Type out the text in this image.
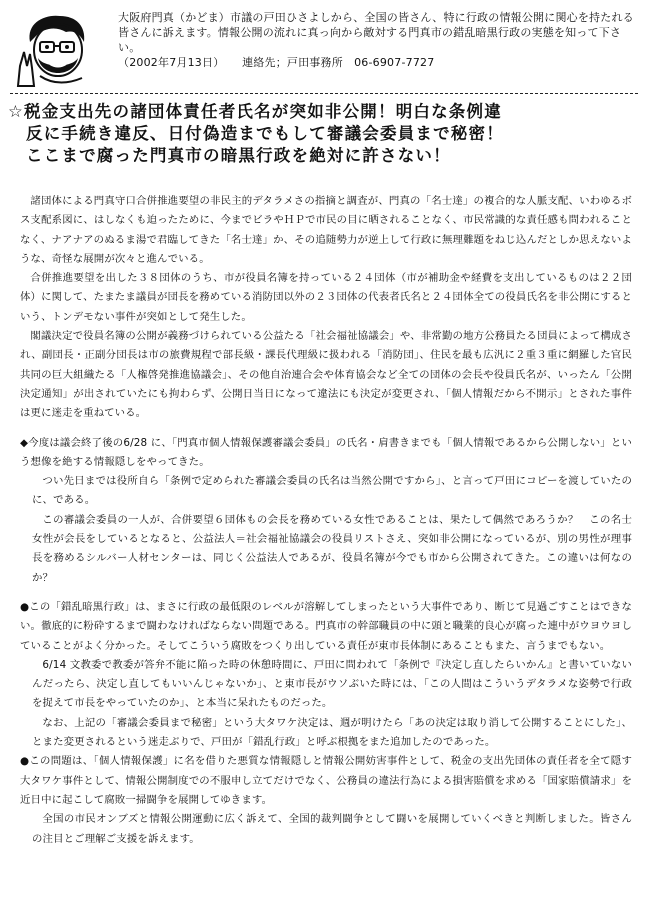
大阪府門真（かどま）市議の戸田ひさよしから、全国の皆さん、特に行政の情報公開に関心を持たれる皆さんに訴えます。情報公開の流れに真っ向から敵対する門真市の錯乱暗黒行政の実態を知って下さい。

（2002年7月13日） 連絡先；戸田事務所　06-6907-7727

☆税金支出先の諸団体責任者氏名が突如非公開！明白な条例違
反に手続き違反、日付偽造までもして審議会委員まで秘密！
ここまで腐った門真市の暗黒行政を絶対に許さない！

諸団体による門真守口合併推進要望の非民主的デタラメさの指摘と調査が、門真の「名士達」の複合的な人脈支配、いわゆるボス支配系図に、はしなくも迫ったために、今までビラやＨＰで市民の目に晒されることなく、市民常識的な責任感も問われることなく、ナアナアのぬるま湯で君臨してきた「名士達」か、その追随勢力が逆上して行政に無理難題をねじ込んだとしか思えないような、奇怪な展開が次々と進んでいる。

合併推進要望を出した３８団体のうち、市が役員名簿を持っている２４団体（市が補助金や経費を支出しているものは２２団体）に関して、たまたま議員が団長を務めている消防団以外の２３団体の代表者氏名と２４団体全ての役員氏名を非公開にするという、トンデモない事件が突如として発生した。

閣議決定で役員名簿の公開が義務づけられている公益たる「社会福祉協議会」や、非常勤の地方公務員たる団員によって構成され、副団長・正副分団長は市の旅費規程で部長級・課長代理級に扱われる「消防団」、住民を最も広汎に２重３重に網羅した官民共同の巨大組織たる「人権啓発推進協議会」、その他自治連合会や体育協会など全ての団体の会長や役員氏名が、いったん「公開決定通知」が出されていたにも拘わらず、公開日当日になって違法にも決定が変更され、「個人情報だから不開示」とされた事件は更に迷走を重ねている。

◆今度は議会終了後の6/28 に、「門真市個人情報保護審議会委員」の氏名・肩書きまでも「個人情報であるから公開しない」という想像を絶する情報隠しをやってきた。

つい先日までは役所自ら「条例で定められた審議会委員の氏名は当然公開ですから」、と言って戸田にコピーを渡していたのに、である。

この審議会委員の一人が、合併要望６団体もの会長を務めている女性であることは、果たして偶然であろうか？　この名士女性が会長をしているとなると、公益法人＝社会福祉協議会の役員リストさえ、突如非公開になっているが、別の男性が理事長を務めるシルバー人材センターは、同じく公益法人であるが、役員名簿が今でも市から公開されてきた。この違いは何なのか？

●この「錯乱暗黒行政」は、まさに行政の最低限のレベルが溶解してしまったという大事件であり、断じて見過ごすことはできない。徹底的に粉砕するまで闘わなければならない問題である。門真市の幹部職員の中に頭と職業的良心が腐った連中がウヨウヨしていることがよく分かった。そしてこういう腐敗をつくり出している責任が東市長体制にあることもまた、言うまでもない。

6/14 文教委で教委が答弁不能に陥った時の休憩時間に、戸田に問われて「条例で『決定し直したらいかん』と書いていないんだったら、決定し直してもいいんじゃないか」、と東市長がウソぶいた時には、「この人間はこういうデタラメな姿勢で行政を捉えて市長をやっていたのか」、と本当に呆れたものだった。

なお、上記の「審議会委員まで秘密」という大タワケ決定は、週が明けたら「あの決定は取り消して公開することにした」、とまた変更されるという迷走ぶりで、戸田が「錯乱行政」と呼ぶ根拠をまた追加したのであった。

●この問題は、「個人情報保護」に名を借りた悪質な情報隠しと情報公開妨害事件として、税金の支出先団体の責任者を全て隠す大タワケ事件として、情報公開制度での不服申し立てだけでなく、公務員の違法行為による損害賠償を求める「国家賠償請求」を近日中に起こして腐敗一掃闘争を展開してゆきます。

全国の市民オンブズと情報公開運動に広く訴えて、全国的裁判闘争として闘いを展開していくべきと判断しました。皆さんの注目とご理解ご支援を訴えます。
